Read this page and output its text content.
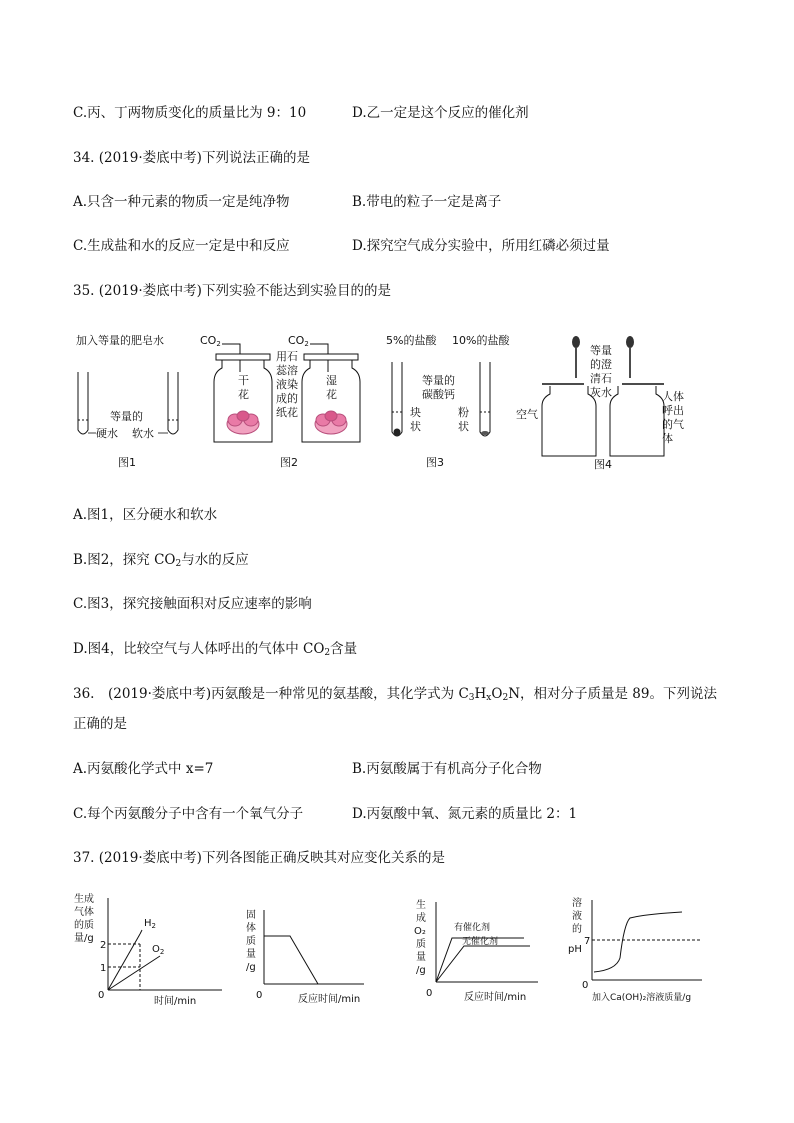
C.丙、丁两物质变化的质量比为 9：10	D.乙一定是这个反应的催化剂
34. (2019·娄底中考)下列说法正确的是
A.只含一种元素的物质一定是纯净物	B.带电的粒子一定是离子
C.生成盐和水的反应一定是中和反应	D.探究空气成分实验中，所用红磷必须过量
35. (2019·娄底中考)下列实验不能达到实验目的的是
加入等量的肥皂水
等量的
硬水 软水
图1
CO2	CO2
干
花
湿
花
用石
蕊溶
液染
成的
纸花
图2
5%的盐酸 10%的盐酸
等量的
碳酸钙
块
状
粉
状
图3
等量
的澄
清石
灰水
空气
人体
呼出
的气
体
图4
A.图1，区分硬水和软水
B.图2，探究 $CO_2$与水的反应
C.图3，探究接触面积对反应速率的影响
D.图4，比较空气与人体呼出的气体中 $CO_2$含量
36.　(2019·娄底中考)丙氨酸是一种常见的氨基酸，其化学式为 $C_3H_xO_2N$，相对分子质量是 89。下列说法
正确的是
A.丙氨酸化学式中 x=7	B.丙氨酸属于有机高分子化合物
C.每个丙氨酸分子中含有一个氧气分子	D.丙氨酸中氧、氮元素的质量比 2：1
37. (2019·娄底中考)下列各图能正确反映其对应变化关系的是
生成
气体
的质
量/g
2
1
$H_2$
$O_2$
0
时间/min
固
体
质
量
/g
0	反应时间/min
生
成
O₂
质
量
/g
有催化剂
无催化剂
0	反应时间/min
溶
液
的
pH
7
0
加入Ca(OH)₂溶液质量/g
